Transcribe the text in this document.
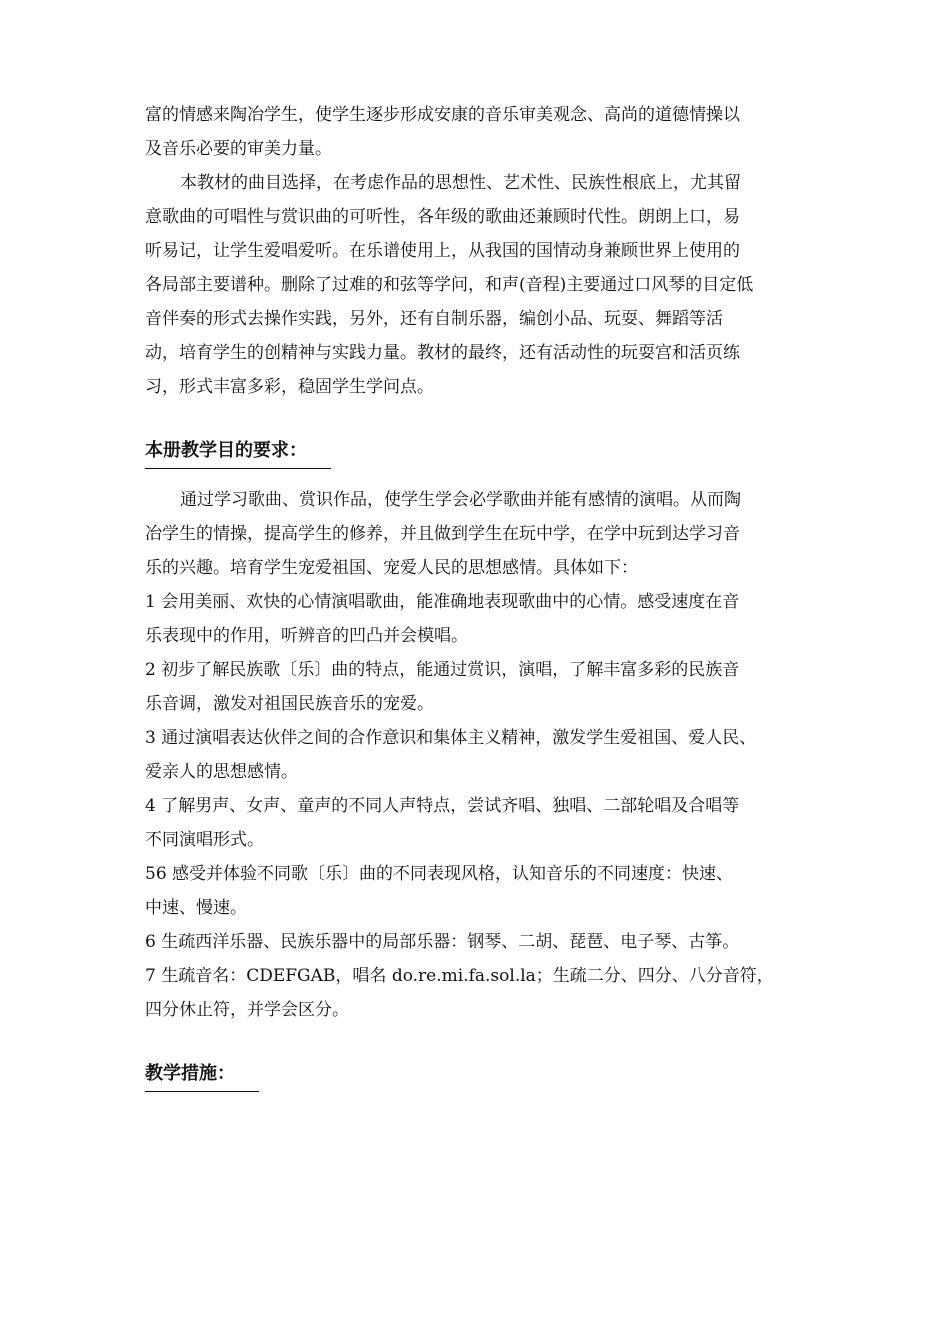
富的情感来陶冶学生，使学生逐步形成安康的音乐审美观念、高尚的道德情操以
及音乐必要的审美力量。
本教材的曲目选择，在考虑作品的思想性、艺术性、民族性根底上，尤其留
意歌曲的可唱性与赏识曲的可听性，各年级的歌曲还兼顾时代性。朗朗上口，易
听易记，让学生爱唱爱听。在乐谱使用上，从我国的国情动身兼顾世界上使用的
各局部主要谱种。删除了过难的和弦等学问，和声(音程)主要通过口风琴的目定低
音伴奏的形式去操作实践，另外，还有自制乐器，编创小品、玩耍、舞蹈等活
动，培育学生的创精神与实践力量。教材的最终，还有活动性的玩耍宫和活页练
习，形式丰富多彩，稳固学生学问点。
本册教学目的要求：
通过学习歌曲、赏识作品，使学生学会必学歌曲并能有感情的演唱。从而陶
冶学生的情操，提高学生的修养，并且做到学生在玩中学，在学中玩到达学习音
乐的兴趣。培育学生宠爱祖国、宠爱人民的思想感情。具体如下：
1 会用美丽、欢快的心情演唱歌曲，能准确地表现歌曲中的心情。感受速度在音
乐表现中的作用，听辨音的凹凸并会模唱。
2 初步了解民族歌〔乐〕曲的特点，能通过赏识，演唱，了解丰富多彩的民族音
乐音调，激发对祖国民族音乐的宠爱。
3 通过演唱表达伙伴之间的合作意识和集体主义精神，激发学生爱祖国、爱人民、
爱亲人的思想感情。
4 了解男声、女声、童声的不同人声特点，尝试齐唱、独唱、二部轮唱及合唱等
不同演唱形式。
56 感受并体验不同歌〔乐〕曲的不同表现风格，认知音乐的不同速度：快速、
中速、慢速。
6 生疏西洋乐器、民族乐器中的局部乐器：钢琴、二胡、琵琶、电子琴、古筝。
7 生疏音名：CDEFGAB，唱名 do.re.mi.fa.sol.la；生疏二分、四分、八分音符，
四分休止符，并学会区分。
教学措施：
